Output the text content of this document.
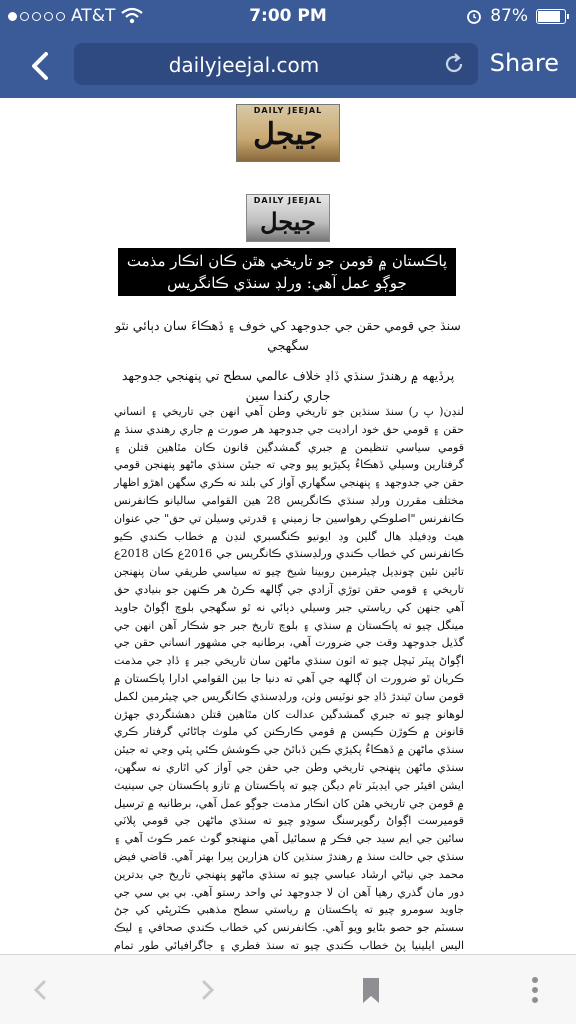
AT&T	7:00 PM	87%
dailyjeejal.com	Share
DAILY JEEJAL
جيجل
DAILY JEEJAL
جيجل
پاڪستان ۾ قومن جو تاريخي هٿن ڪان انڪار مذمت جوڳو عمل آهي: ورلڊ سنڌي ڪانگريس
سنڌ جي قومي حقن جي جدوجهد کي خوف ۽ ڏهڪاءَ سان دٻائي نٿو سگهجي
پرڏيهه ۾ رهندڙ سنڌي ڏاڍ خلاف عالمي سطح تي پنهنجي جدوجهد جاري رکندا سين
لنڊن( پ ر) سنڌ سنڌين جو تاريخي وطن آهي انهن جي تاريخي ۽ انساني حقن ۽ قومي حق خود ارادیت جي جدوجهد هر صورت ۾ جاري رهندي سنڌ ۾ قومي سياسي تنظيمن ۾ جبري گمشدگين قانون ڪان مٿاهين قتلن ۽ گرفتارين وسيلي ڏهڪاءُ پکيڙيو پيو وڃي ته جيئن سنڌي ماڻهو پنهنجن قومي حقن جي جدوجهد ۽ پنهنجي سگهاري آواز کي بلند نه ڪري سگهن اهڙو اظهار مختلف مقررن ورلڊ سنڌي ڪانگريس 28 هين القوامي ساليانو ڪانفرنس ڪانفرنس "اصلوڪي رهواسين جا زميني ۽ قدرتي وسيلن تي حق" جي عنوان هيٺ وڊفيلڊ هال گلين وڊ ايونيو ڪنگسبري لنڊن ۾ خطاب ڪندي ڪيو ڪانفرنس کي خطاب ڪندي ورلڊسنڌي ڪانگريس جي 2016ع ڪان 2018ع تائين نئين چونڊيل چيئرمين روبينا شيخ چيو ته سياسي طريقي سان پنهنجن تاريخي ۽ قومي حقن توڙي آزادي جي ڳالهه ڪرڻ هر ڪنهن جو بنيادي حق آهي جنهن کي رياستي جبر وسيلي دٻائي نه ٿو سگهجي بلوچ اڳواڻ جاويد مينگل چيو ته پاڪستان ۾ سنڌي ۽ بلوچ تاريخ جبر جو شڪار آهن انهن جي گڏيل جدوجهد وقت جي ضرورت آهي، برطانيه جي مشهور انساني حقن جي اڳواڻ پيٽر ٽيچل چيو ته اٺون سنڌي ماڻهن سان تاريخي جبر ۽ ڏاڍ جي مذمت ڪريان ٿو ضرورت ان ڳالهه جي آهي ته دنيا جا بين القوامي ادارا پاڪستان ۾ قومن سان ٿيندڙ ڏاڍ جو نوٽيس وٺن، ورلڊسنڌي ڪانگريس جي چيئرمين لکمل لوهانو چيو ته جبري گمشدگين عدالت کان مٿاهين قتلن دهشتگردي جهڙن قانونن ۾ ڪوڙن ڪيسن ۾ قومي ڪارڪنن کي ملوث ڄاڻائي گرفتار ڪري سنڌي ماڻهن ۾ ڏهڪاءُ پکيڙي ڪين ڏبائڻ جي ڪوشش ڪئي پئي وڃي ته جيئن سنڌي ماڻهن پنهنجي تاريخي وطن جي حقن جي آواز کي اٿاري نه سگهن، ايشن افيئر جي ايڊيٽر تام ديگن چيو ته پاڪستان ۾ تازو پاڪستان جي سينيٽ ۾ قومن جي تاريخي هٿن کان انڪار مذمت جوڳو عمل آهي، برطانيه ۾ ترسيل قوميرست اڳواڻ رگويرسنگ سوڍو چيو ته سنڌي ماڻهن جي قومي پلاٽي سائين جي ايم سيد جي فڪر ۾ سمائيل آهي منهنجو گوٺ عمر ڪوٽ آهي ۽ سنڌي جي حالت سنڌ ۾ رهندڙ سنڌين کان هزارين پيرا بهتر آهي. قاضي فيض محمد جي نياڻي ارشاد عباسي چيو ته سنڌي ماڻهو پنهنجي تاريخ جي بدترين دور مان گذري رهيا آهن ان لا جدوجهد ئي واحد رستو آهي. بي بي سي جي جاويد سومرو چيو ته پاڪستان ۾ رياستي سطح مذهبي ڪٽرپڻي کي جڻ سسٽم جو حصو بڻايو ويو آهي. ڪانفرنس کي خطاب ڪندي صحافي ۽ ليڪ اليس ايلينيا پڻ خطاب ڪندي چيو ته سنڌ فطري ۽ جاگرافيائي طور تمام
